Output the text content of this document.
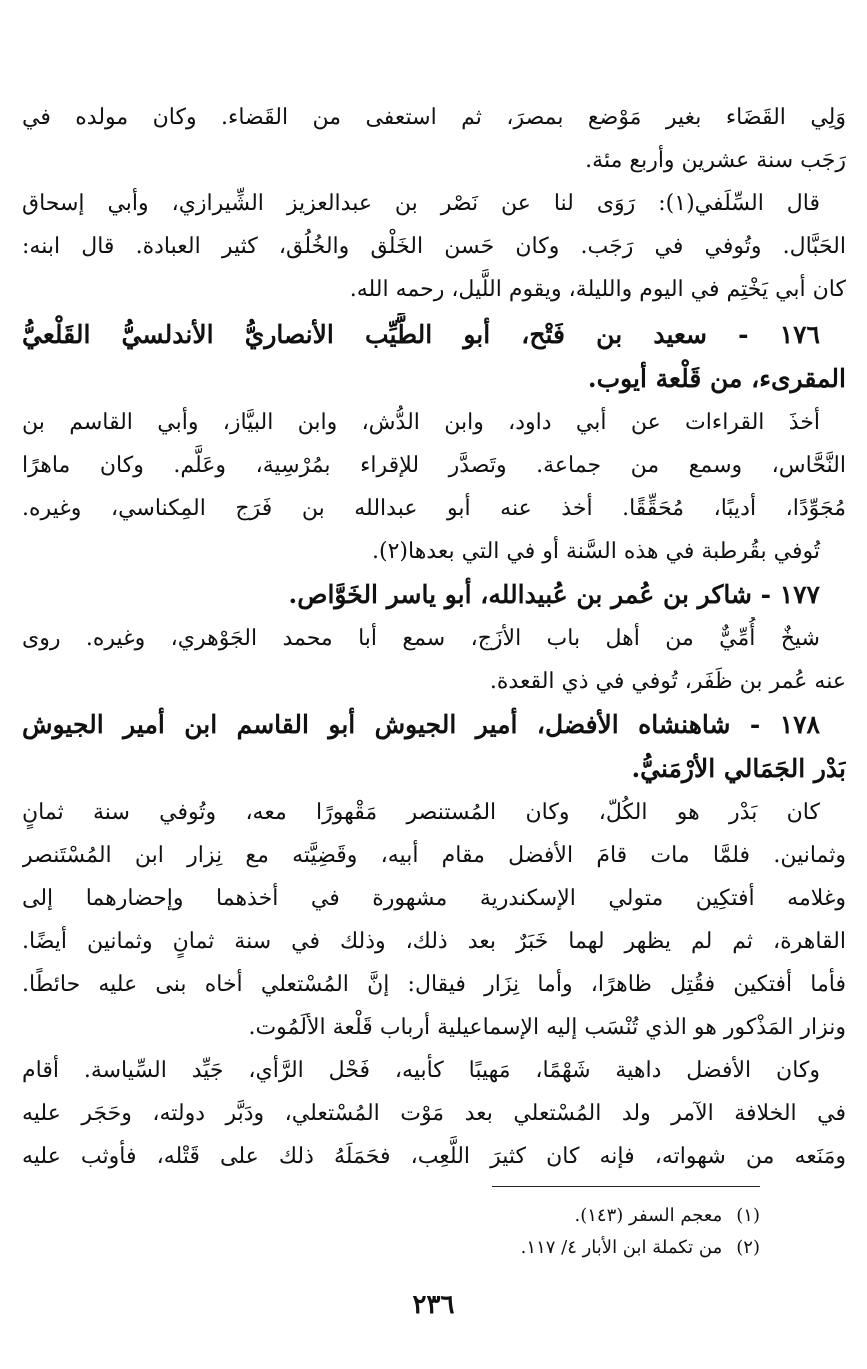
وَلِي القَضَاء بغير مَوْضع بمصرَ، ثم استعفى من القَضاء. وكان مولده في
رَجَب سنة عشرين وأربع مئة.
قال السِّلَفي(١): رَوَى لنا عن نَصْر بن عبدالعزيز الشِّيرازي، وأبي إسحاق
الحَبَّال. وتُوفي في رَجَب. وكان حَسن الخَلْق والخُلُق، كثير العبادة. قال ابنه:
كان أبي يَخْتِم في اليوم والليلة، ويقوم اللَّيل، رحمه الله.
١٧٦ - سعيد بن فَتْح، أبو الطَّيِّب الأنصاريُّ الأندلسيُّ القَلْعيُّ
المقرىء، من قَلْعة أيوب.
أخذَ القراءات عن أبي داود، وابن الدُّش، وابن البيَّاز، وأبي القاسم بن
النَّحَّاس، وسمع من جماعة. وتَصدَّر للإقراء بمُرْسِية، وعَلَّم. وكان ماهرًا
مُجَوِّدًا، أديبًا، مُحَقِّقًا. أخذ عنه أبو عبدالله بن فَرَج المِكناسي، وغيره.
تُوفي بقُرطبة في هذه السَّنة أو في التي بعدها(٢).
١٧٧ - شاكر بن عُمر بن عُبيدالله، أبو ياسر الخَوَّاص.
شيخٌ أُمِّيٌّ من أهل باب الأزَج، سمع أبا محمد الجَوْهري، وغيره. روى
عنه عُمر بن ظَفَر، تُوفي في ذي القعدة.
١٧٨ - شاهنشاه الأفضل، أمير الجيوش أبو القاسم ابن أمير الجيوش
بَدْر الجَمَالي الأرْمَنيُّ.
كان بَدْر هو الكُلّ، وكان المُستنصر مَقْهورًا معه، وتُوفي سنة ثمانٍ
وثمانين. فلمَّا مات قامَ الأفضل مقام أبيه، وقَضِيَّته مع نِزار ابن المُسْتَنصر
وغلامه أفتكِين متولي الإسكندرية مشهورة في أخذهما وإحضارهما إلى
القاهرة، ثم لم يظهر لهما خَبَرٌ بعد ذلك، وذلك في سنة ثمانٍ وثمانين أيضًا.
فأما أفتكين فقُتِل ظاهرًا، وأما نِزَار فيقال: إنَّ المُسْتعلي أخاه بنى عليه حائطًا.
ونزار المَذْكور هو الذي تُنْسَب إليه الإسماعيلية أرباب قَلْعة الألَمُوت.
وكان الأفضل داهية شَهْمًا، مَهيبًا كأبيه، فَحْل الرَّأي، جَيِّد السِّياسة. أقام
في الخلافة الآمر ولد المُسْتعلي بعد مَوْت المُسْتعلي، ودَبَّر دولته، وحَجَر عليه
ومَنَعه من شهواته، فإنه كان كثيرَ اللَّعِب، فحَمَلَهُ ذلك على قَتْله، فأوثب عليه
(١)معجم السفر (١٤٣).
(٢)من تكملة ابن الأبار ٤/ ١١٧.
٢٣٦
